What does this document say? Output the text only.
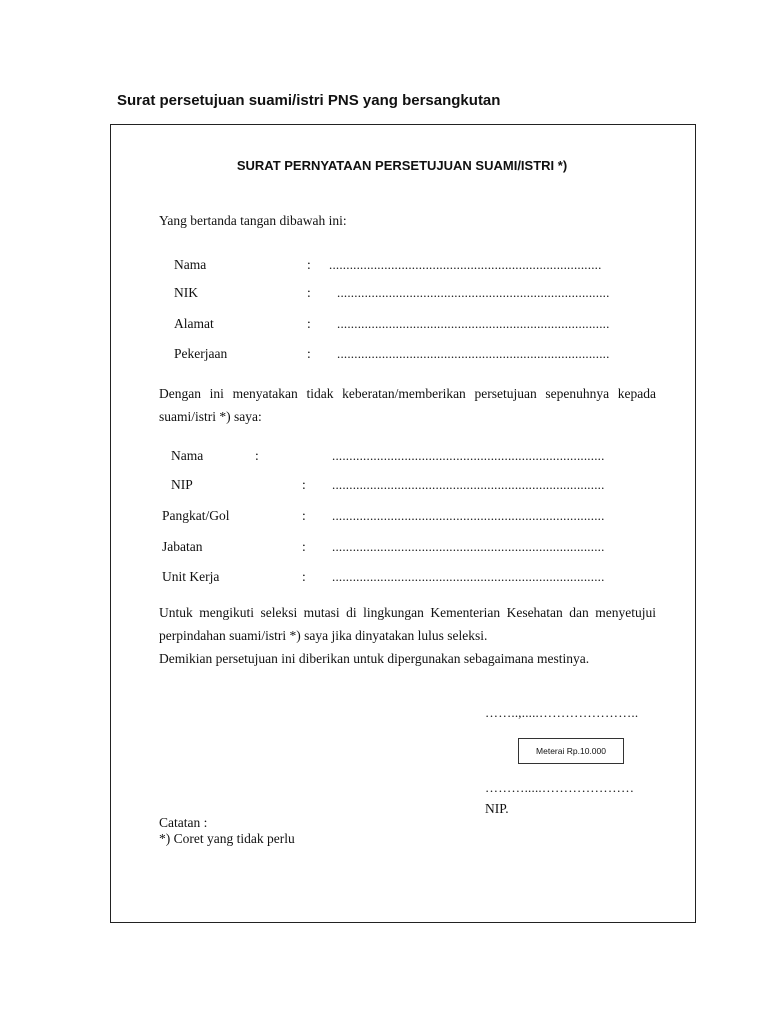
Surat persetujuan suami/istri PNS yang bersangkutan
SURAT PERNYATAAN PERSETUJUAN SUAMI/ISTRI *)
Yang bertanda tangan dibawah ini:
Nama	: ...............................................................................
NIK	: ...............................................................................
Alamat	: ...............................................................................
Pekerjaan	: ...............................................................................
Dengan ini menyatakan tidak keberatan/memberikan persetujuan sepenuhnya kepada suami/istri *) saya:
Nama	:	...............................................................................
NIP	: ...............................................................................
Pangkat/Gol	: ...............................................................................
Jabatan	: ...............................................................................
Unit Kerja	: ...............................................................................
Untuk mengikuti seleksi mutasi di lingkungan Kementerian Kesehatan dan menyetujui perpindahan suami/istri *) saya jika dinyatakan lulus seleksi.
Demikian persetujuan ini diberikan untuk dipergunakan sebagaimana mestinya.
……..,.....…………………..
Meterai Rp.10.000
……….....…………………
NIP.
Catatan :
*) Coret yang tidak perlu
